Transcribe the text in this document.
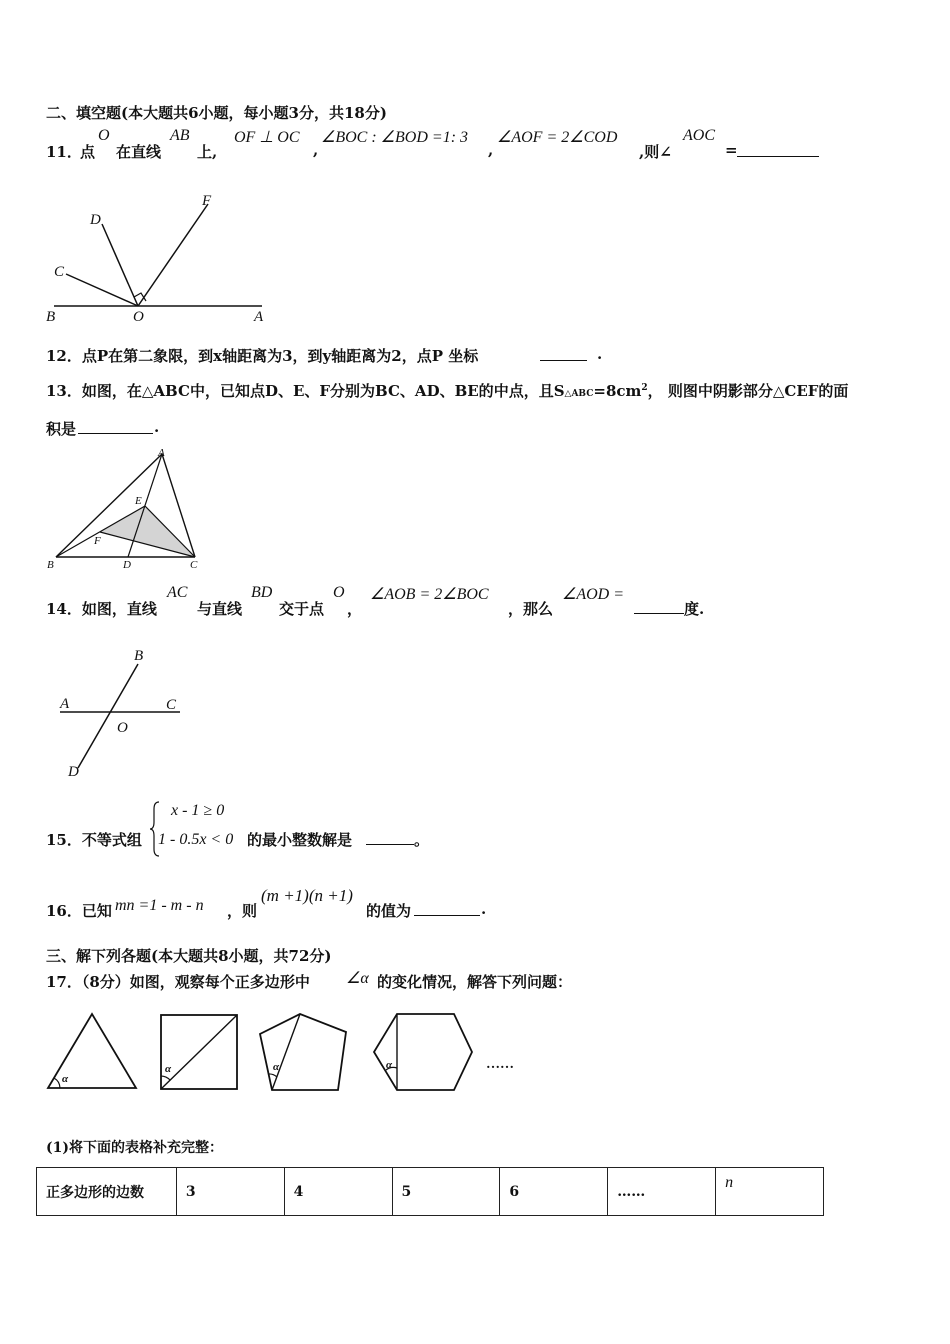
二、填空题(本大题共6小题，每小题3分，共18分)
11．
点
O
在直线
AB
上,
OF ⊥ OC
,
∠BOC : ∠BOD =1: 3
,
∠AOF = 2∠COD
,则∠
AOC
=
D
F
C
B	O	A
12．点P在第二象限，到x轴距离为3，到y轴距离为2，点P 坐标	.
13．如图，在△ABC中，已知点D、E、F分别为BC、AD、BE的中点，且$S\triangle ABC=8cm^2$， 则图中阴影部分△CEF的面
积是	.
A
E
F
B	D	C
14．如图，直线
AC
与直线
BD
交于点
O
，
∠AOB = 2∠BOC
，那么
∠AOD =
度.
B
A	C
O
D
15．不等式组
x - 1 ≥ 0
1 - 0.5x < 0 的最小整数解是	。
16．已知 mn =1 - m - n ，则
(m +1)(n +1)
的值为	.
三、解下列各题(本大题共8小题，共72分)
17．（8分）如图，观察每个正多边形中 ∠α 的变化情况，解答下列问题：
α
α	α	α	……
(1)将下面的表格补充完整：
正多边形的边数	3	4	5	6	……	n
